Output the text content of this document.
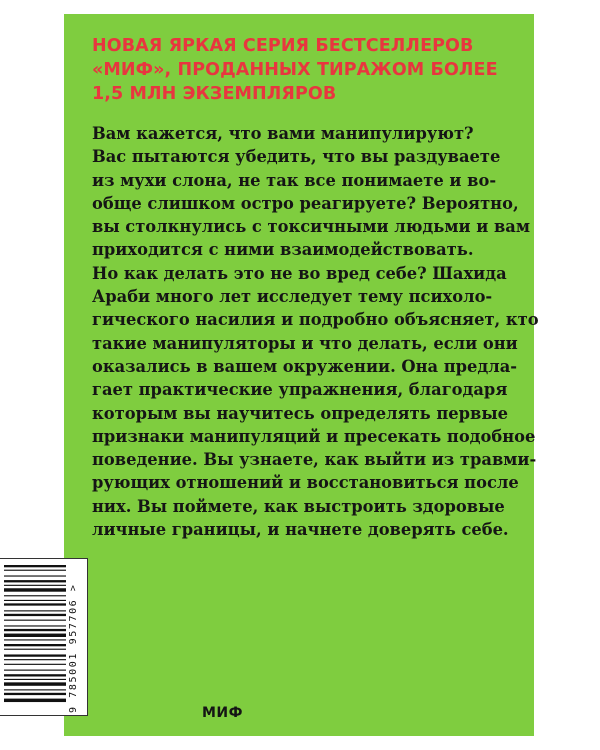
НОВАЯ ЯРКАЯ СЕРИЯ БЕСТСЕЛЛЕРОВ
«МИФ», ПРОДАННЫХ ТИРАЖОМ БОЛЕЕ
1,5 МЛН ЭКЗЕМПЛЯРОВ
Вам кажется, что вами манипулируют?
Вас пытаются убедить, что вы раздуваете
из мухи слона, не так все понимаете и во-
обще слишком остро реагируете? Вероятно,
вы столкнулись с токсичными людьми и вам
приходится с ними взаимодействовать.
Но как делать это не во вред себе? Шахида
Араби много лет исследует тему психоло-
гического насилия и подробно объясняет, кто
такие манипуляторы и что делать, если они
оказались в вашем окружении. Она предла-
гает практические упражнения, благодаря
которым вы научитесь определять первые
признаки манипуляций и пресекать подобное
поведение. Вы узнаете, как выйти из травми-
рующих отношений и восстановиться после
них. Вы поймете, как выстроить здоровые
личные границы, и начнете доверять себе.
МИФ
9 785001 957706 >
